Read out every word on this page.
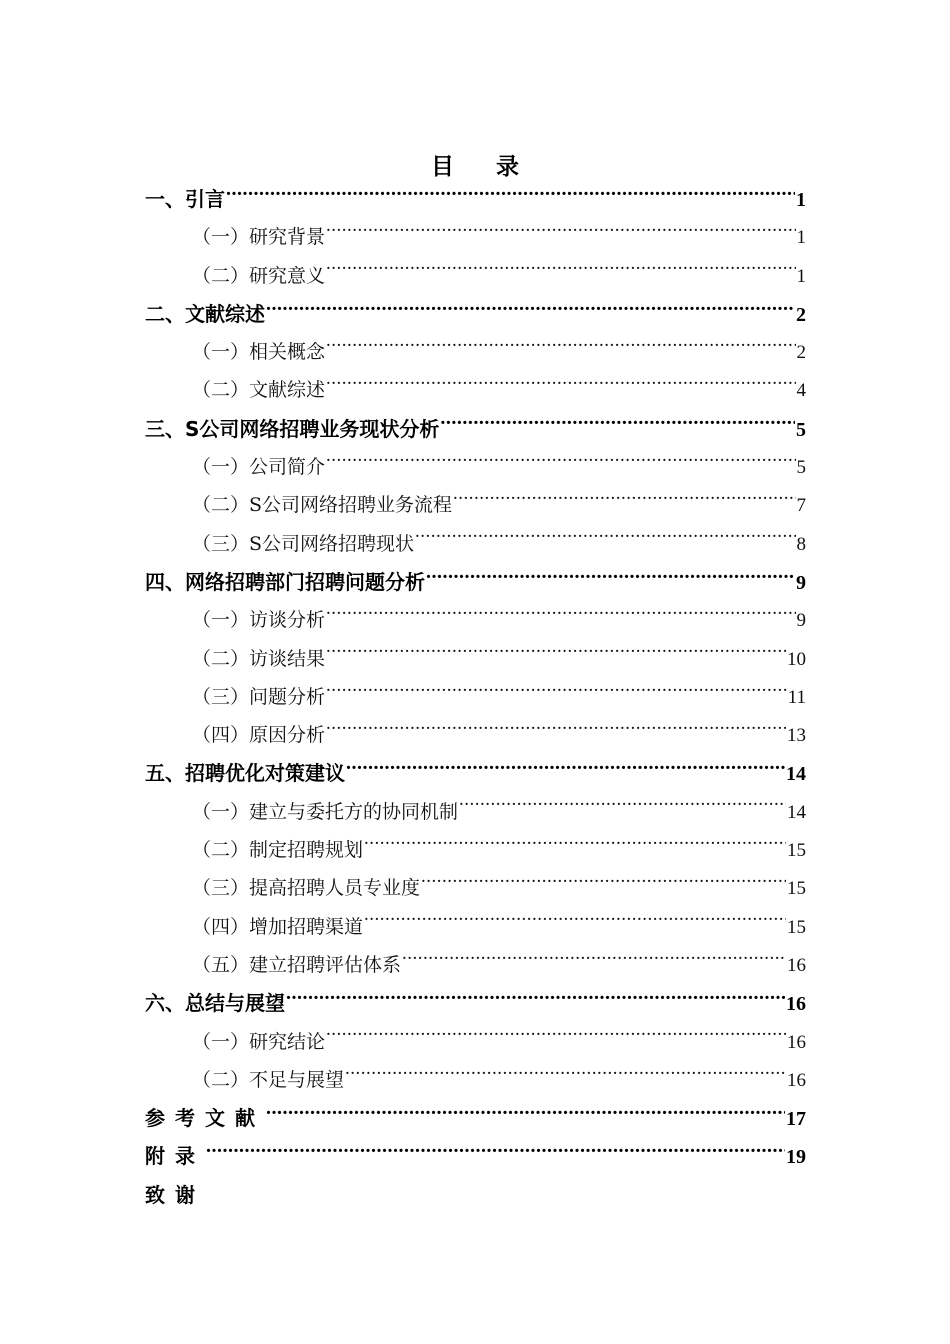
目 录
一、引言 .....	1
（一）研究背景 .....	1
（二）研究意义 .....	1
二、文献综述 .....	2
（一）相关概念 .....	2
（二）文献综述 .....	4
三、S公司网络招聘业务现状分析 .....	5
（一）公司简介 .....	5
（二）S公司网络招聘业务流程 .....	7
（三）S公司网络招聘现状 .....	8
四、网络招聘部门招聘问题分析 .....	9
（一）访谈分析 .....	9
（二）访谈结果 .....	10
（三）问题分析 .....	11
（四）原因分析 .....	13
五、招聘优化对策建议 .....	14
（一）建立与委托方的协同机制 .....	14
（二）制定招聘规划 .....	15
（三）提高招聘人员专业度 .....	15
（四）增加招聘渠道 .....	15
（五）建立招聘评估体系 .....	16
六、总结与展望 .....	16
（一）研究结论 .....	16
（二）不足与展望 .....	16
参考文献 .....	17
附录 .....	19
致谢
